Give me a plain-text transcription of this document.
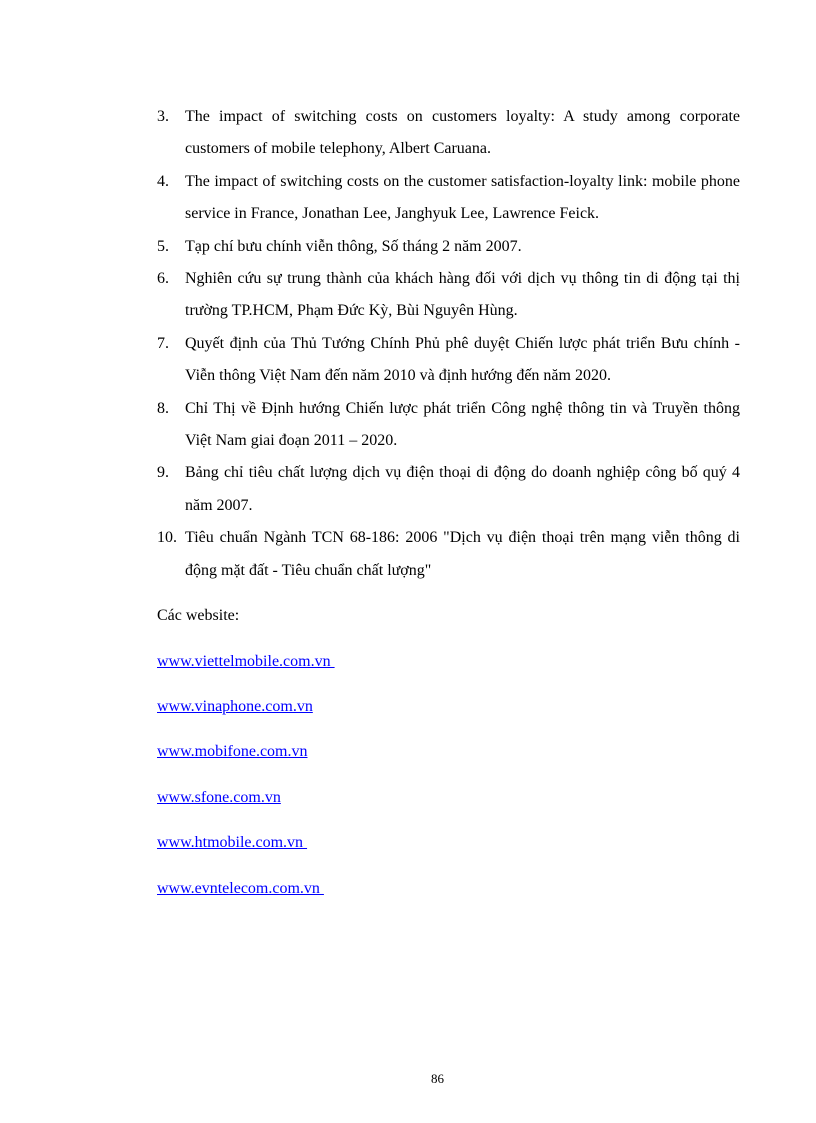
3. The impact of switching costs on customers loyalty: A study among corporate customers of mobile telephony, Albert Caruana.
4. The impact of switching costs on the customer satisfaction-loyalty link: mobile phone service in France, Jonathan Lee, Janghyuk Lee, Lawrence Feick.
5. Tạp chí bưu chính viễn thông, Số tháng 2 năm 2007.
6. Nghiên cứu sự trung thành của khách hàng đối với dịch vụ thông tin di động tại thị trường TP.HCM, Phạm Đức Kỳ, Bùi Nguyên Hùng.
7. Quyết định của Thủ Tướng Chính Phủ phê duyệt Chiến lược phát triển Bưu chính - Viễn thông Việt Nam đến năm 2010 và định hướng đến năm 2020.
8. Chỉ Thị về Định hướng Chiến lược phát triển Công nghệ thông tin và Truyền thông Việt Nam giai đoạn 2011 – 2020.
9. Bảng chỉ tiêu chất lượng dịch vụ điện thoại di động do doanh nghiệp công bố quý 4 năm 2007.
10. Tiêu chuẩn Ngành TCN 68-186: 2006 "Dịch vụ điện thoại trên mạng viễn thông di động mặt đất - Tiêu chuẩn chất lượng"

Các website:

www.viettelmobile.com.vn

www.vinaphone.com.vn

www.mobifone.com.vn

www.sfone.com.vn

www.htmobile.com.vn

www.evntelecom.com.vn

86
